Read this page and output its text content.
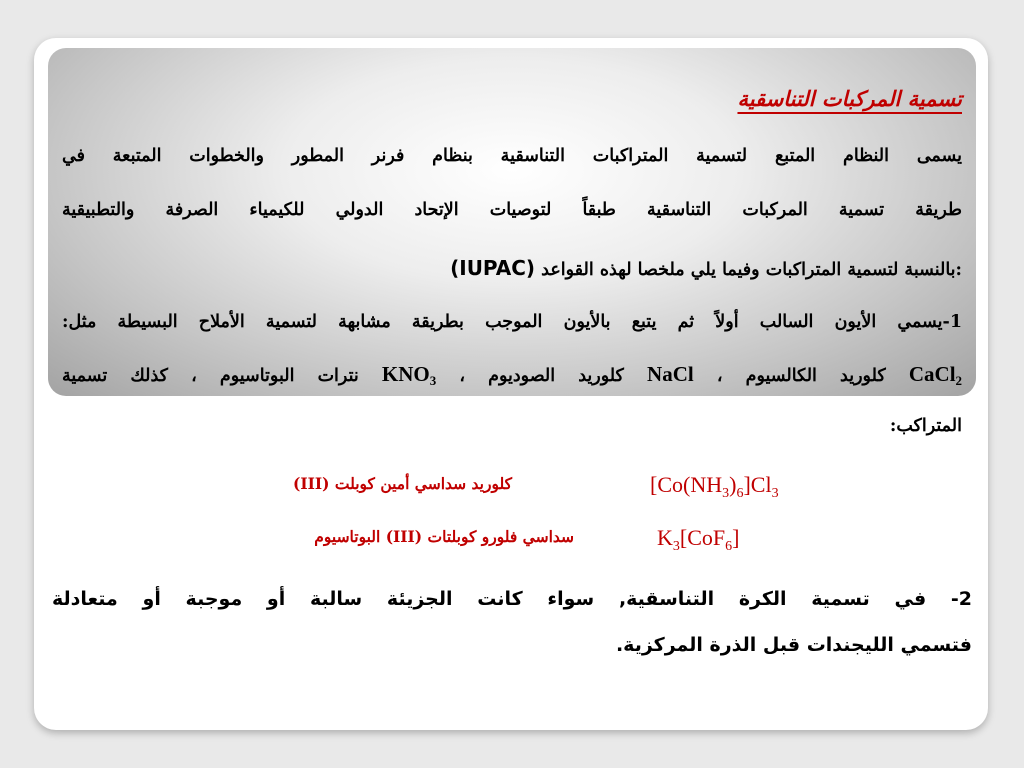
تسمية المركبات التناسقية

يسمى النظام المتبع لتسمية المتراكبات التناسقية بنظام فرنر المطور والخطوات المتبعة في

طريقة تسمية المركبات التناسقية طبقاً لتوصيات الإتحاد الدولي للكيمياء الصرفة والتطبيقية

(IUPAC) بالنسبة لتسمية المتراكبات وفيما يلي ملخصا لهذه القواعد:

1-يسمي الأيون السالب أولاً ثم يتبع بالأيون الموجب بطريقة مشابهة لتسمية الأملاح البسيطة مثل:

CaCl$_2$ كلوريد الكالسيوم ، NaCl كلوريد الصوديوم ، $KNO_3$ نترات البوتاسيوم ، كذلك تسمية

المتراكب:

كلوريد سداسي أمين كوبلت (III)	$[Co(NH_3)_6]Cl_3$

سداسي فلورو كوبلتات (III) البوتاسيوم	$K_3[CoF_6]$

2- في تسمية الكرة التناسقية, سواء كانت الجزيئة سالبة أو موجبة أو متعادلة

فتسمي الليجندات قبل الذرة المركزية.
